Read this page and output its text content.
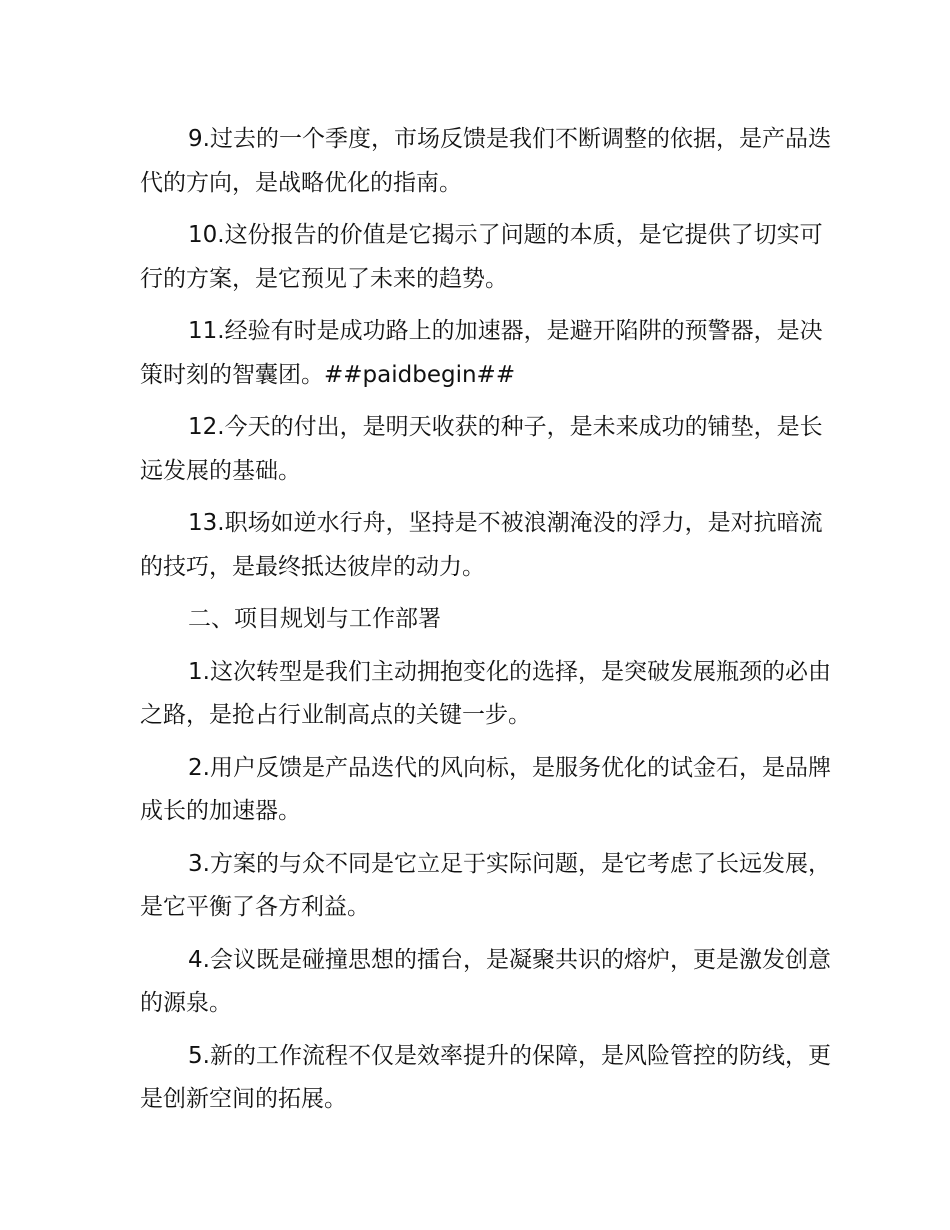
9.过去的一个季度，市场反馈是我们不断调整的依据，是产品迭代的方向，是战略优化的指南。

10.这份报告的价值是它揭示了问题的本质，是它提供了切实可行的方案，是它预见了未来的趋势。

11.经验有时是成功路上的加速器，是避开陷阱的预警器，是决策时刻的智囊团。##paidbegin##

12.今天的付出，是明天收获的种子，是未来成功的铺垫，是长远发展的基础。

13.职场如逆水行舟，坚持是不被浪潮淹没的浮力，是对抗暗流的技巧，是最终抵达彼岸的动力。

二、项目规划与工作部署

1.这次转型是我们主动拥抱变化的选择，是突破发展瓶颈的必由之路，是抢占行业制高点的关键一步。

2.用户反馈是产品迭代的风向标，是服务优化的试金石，是品牌成长的加速器。

3.方案的与众不同是它立足于实际问题，是它考虑了长远发展，是它平衡了各方利益。

4.会议既是碰撞思想的擂台，是凝聚共识的熔炉，更是激发创意的源泉。

5.新的工作流程不仅是效率提升的保障，是风险管控的防线，更是创新空间的拓展。
